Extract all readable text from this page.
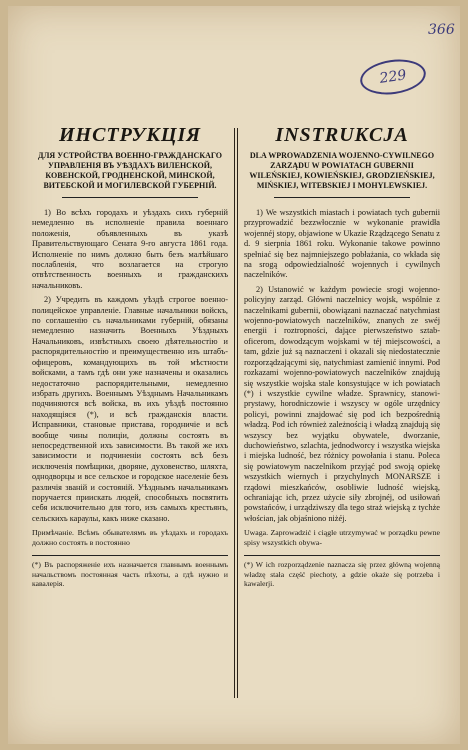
366
229
ИНСТРУКЦІЯ
ДЛЯ УСТРОЙСТВА ВОЕННО-ГРАЖДАНСКАГО УПРАВЛЕНІЯ ВЪ УѢЗДАХЪ ВИЛЕНСКОЙ, КОВЕНСКОЙ, ГРОДНЕНСКОЙ, МИНСКОЙ, ВИТЕБСКОЙ И МОГИЛЕВСКОЙ ГУБЕРНІЙ.

1) Во всѣхъ городахъ и уѣздахъ сихъ губерній немедленно въ исполненіе правила военнаго положенія, объявленныхъ въ указѣ Правительствующаго Сената 9-го августа 1861 года. Исполненіе по нимъ должно быть безъ малѣйшаго послабленія, что возлагается на строгую отвѣтственность военныхъ и гражданскихъ начальниковъ.

2) Учредить въ каждомъ уѣздѣ строгое военно-полицейское управленіе. Главные начальники войскъ, по соглашенію съ начальниками губерній, обязаны немедленно назначить Военныхъ Уѣздныхъ Начальниковъ, извѣстныхъ своею дѣятельностію и распорядительностію и преимущественно изъ штабъ-офицеровъ, командующихъ въ той мѣстности войсками, а тамъ гдѣ они уже назначены и оказались недостаточно распорядительными, немедленно избрать другихъ. Военнымъ Уѣзднымъ Начальникамъ подчиняются всѣ войска, въ ихъ уѣздѣ постоянно находящіяся (*), и всѣ гражданскія власти. Исправники, становые пристава, городничіе и всѣ вообще чины полиціи, должны состоять въ непосредственной ихъ зависимости. Въ такой же ихъ зависимости и подчиненіи состоять всѣ безъ исключенія помѣщики, дворяне, духовенство, шляхта, однодворцы и все сельское и городское населеніе безъ различія званій и состояній. Уѣзднымъ начальникамъ поручается приискать людей, способныхъ посвятить себя исключительно для того, изъ самыхъ крестьянъ, сельскихъ караулы, какъ ниже сказано.

Примѣчаніе. Всѣмъ обывателямъ въ уѣздахъ и городахъ должно состоять в постоянно

(*) Въ распоряженіе ихъ назначается главнымъ военнымъ начальствомъ постоянная часть пѣхоты, а гдѣ нужно и кавалерія.

INSTRUKCJA
DLA WPROWADZENIA WOJENNO-CYWILNEGO ZARZĄDU W POWIATACH GUBERNII WILEŃSKIEJ, KOWIEŃSKIEJ, GRODZIEŃSKIEJ, MIŃSKIEJ, WITEBSKIEJ I MOHYLEWSKIEJ.

1) We wszystkich miastach i powiatach tych gubernii przyprowadzić bezzwłocznie w wykonanie prawidła wojennéj stopy, objawione w Ukazie Rządzącego Senatu z d. 9 sierpnia 1861 roku. Wykonanie takowe powinno spełniać się bez najmniejszego pobłażania, co wkłada się na srogą odpowiedzialność wojennych i cywilnych naczelników.

2) Ustanowić w każdym powiecie srogi wojenno-policyjny zarząd. Główni naczelnicy wojsk, wspólnie z naczelnikami gubernii, obowiązani naznaczać natychmiast wojenno-powiatowych naczelników, znanych ze swéj energii i roztropności, dające pierwszeństwo sztab-oficerom, dowodzącym wojskami w téj miejscowości, a tam, gdzie już są naznaczeni i okazali się niedostatecznie rozporządzającymi się, natychmiast zamienić innymi. Pod rozkazami wojenno-powiatowych naczelników znajdują się wszystkie wojska stale konsystujące w ich powiatach (*) i wszystkie cywilne władze. Sprawnicy, stanowi-prystawy, horodniczowie i wszyscy w ogóle urzędnicy policyi, powinni znajdować się pod ich bezpośrednią władzą. Pod ich również zależnością i władzą znajdują się wszyscy bez wyjątku obywatele, dworzanie, duchowieństwo, szlachta, jednodworcy i wszystka wiejska i miejska ludność, bez różnicy powołania i stanu. Poleca się powiatowym naczelnikom przyjąć pod swoją opiekę wszystkich wiernych i przychylnych MONARSZE i rządowi mieszkańców, osobliwie ludność wiejską, ochraniając ich, przez użycie siły zbrojnéj, od usiłowań powstańców, i urządziwszy dla tego straż wiejską z tychże włościan, jak objaśniono niżéj.

Uwaga. Zaprowadzić i ciągle utrzymywać w porządku pewne spisy wszystkich obywa-

(*) W ich rozporządzenie naznacza się przez główną wojenną władzę stała część piechoty, a gdzie okaże się potrzeba i kawalerji.
